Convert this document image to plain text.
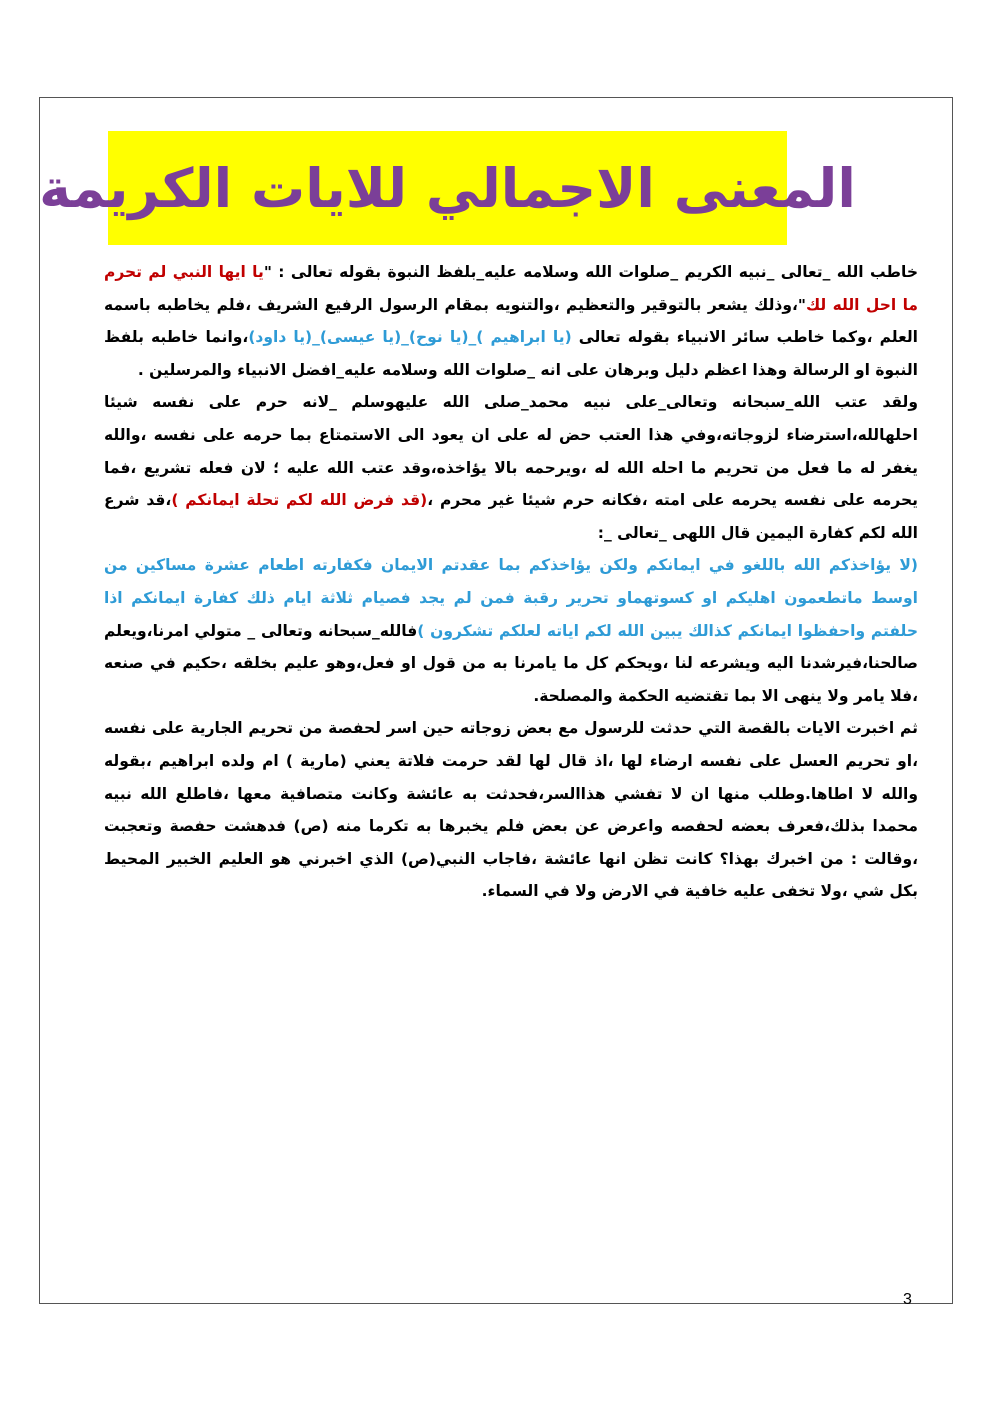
المعنى الاجمالي للايات الكريمة

خاطب الله _تعالى _نبيه الكريم _صلوات الله وسلامه عليه_بلفظ النبوة بقوله تعالى : "يا ايها النبي لم تحرم ما احل الله لك"،وذلك يشعر بالتوقير والتعظيم ،والتنويه بمقام الرسول الرفيع الشريف ،فلم يخاطبه باسمه العلم ،وكما خاطب سائر الانبياء بقوله تعالى (يا ابراهيم )_(يا نوح)_(يا عيسى)_(يا داود)،وانما خاطبه بلفظ النبوة او الرسالة وهذا اعظم دليل وبرهان على انه _صلوات الله وسلامه عليه_افضل الانبياء والمرسلين .

ولقد عتب الله_سبحانه وتعالى_على نبيه محمد_صلى الله عليهوسلم _لانه حرم على نفسه شيئا احلهالله،استرضاء لزوجاته،وفي هذا العتب حض له على ان يعود الى الاستمتاع بما حرمه على نفسه ،والله يغفر له ما فعل من تحريم ما احله الله له ،ويرحمه بالا يؤاخذه،وقد عتب الله عليه ؛ لان فعله تشريع ،فما يحرمه على نفسه يحرمه على امته ،فكانه حرم شيئا غير محرم ،(قد فرض الله لكم تحلة ايمانكم )،قد شرع الله لكم كفارة اليمين قال اللهى _تعالى _:

(لا يؤاخذكم الله باللغو في ايمانكم ولكن يؤاخذكم بما عقدتم الايمان فكفارته اطعام عشرة مساكين من اوسط ماتطعمون اهليكم او كسوتهماو تحرير رقبة فمن لم يجد فصيام ثلاثة ايام ذلك كفارة ايمانكم اذا حلفتم واحفظوا ايمانكم كذالك يبين الله لكم اياته لعلكم تشكرون )فالله_سبحانه وتعالى _ متولي امرنا،ويعلم صالحنا،فيرشدنا اليه ويشرعه لنا ،ويحكم كل ما يامرنا به من قول او فعل،وهو عليم بخلقه ،حكيم في صنعه ،فلا يامر ولا ينهى الا بما تقتضيه الحكمة والمصلحة.

ثم اخبرت الايات بالقصة التي حدثت للرسول مع بعض زوجاته حين اسر لحفصة من تحريم الجارية على نفسه ،او تحريم العسل على نفسه ارضاء لها ،اذ قال لها لقد حرمت فلاتة يعني (مارية ) ام ولده ابراهيم ،بقوله والله لا اطاها.وطلب منها ان لا تفشي هذاالسر،فحدثت به عائشة وكانت متصافية معها ،فاطلع الله نبيه محمدا بذلك،فعرف بعضه لحفصه واعرض عن بعض فلم يخبرها به تكرما منه (ص) فدهشت حفصة وتعجبت ،وقالت : من اخبرك بهذا؟ كانت تظن انها عائشة ،فاجاب النبي(ص) الذي اخبرني هو العليم الخبير المحيط بكل شي ،ولا تخفى عليه خافية في الارض ولا في السماء.

3
